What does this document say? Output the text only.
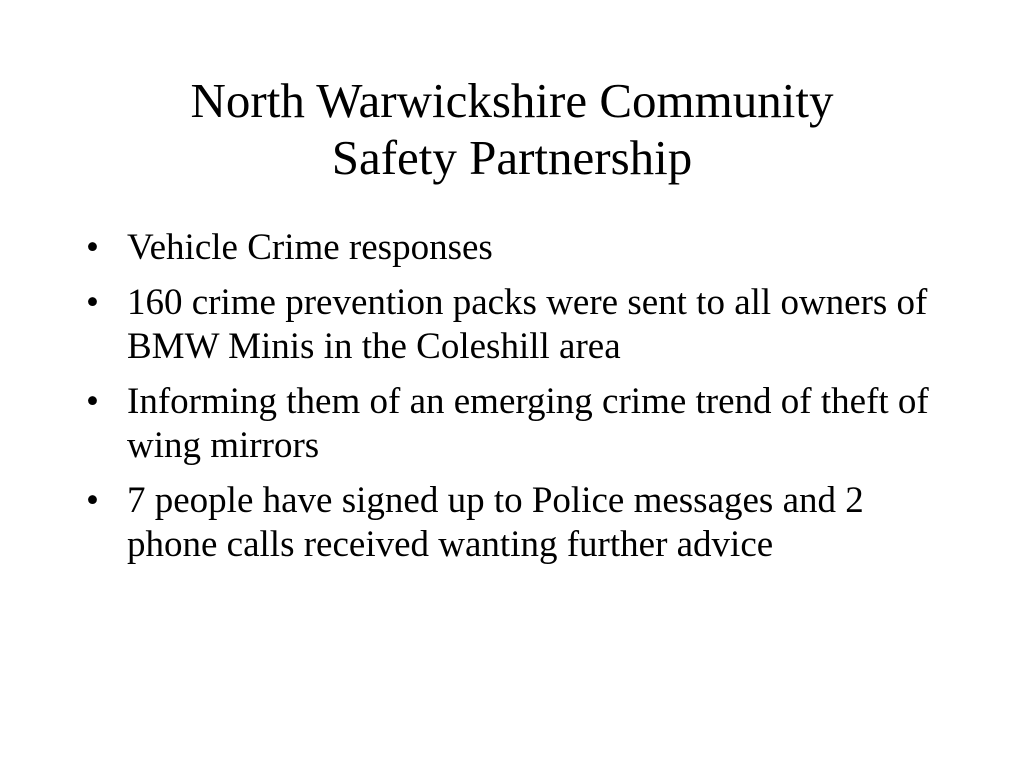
North Warwickshire Community
Safety Partnership
• Vehicle Crime responses
• 160 crime prevention packs were sent to all owners of BMW Minis in the Coleshill area
• Informing them of an emerging crime trend of theft of wing mirrors
• 7 people have signed up to Police messages and 2 phone calls received wanting further advice
